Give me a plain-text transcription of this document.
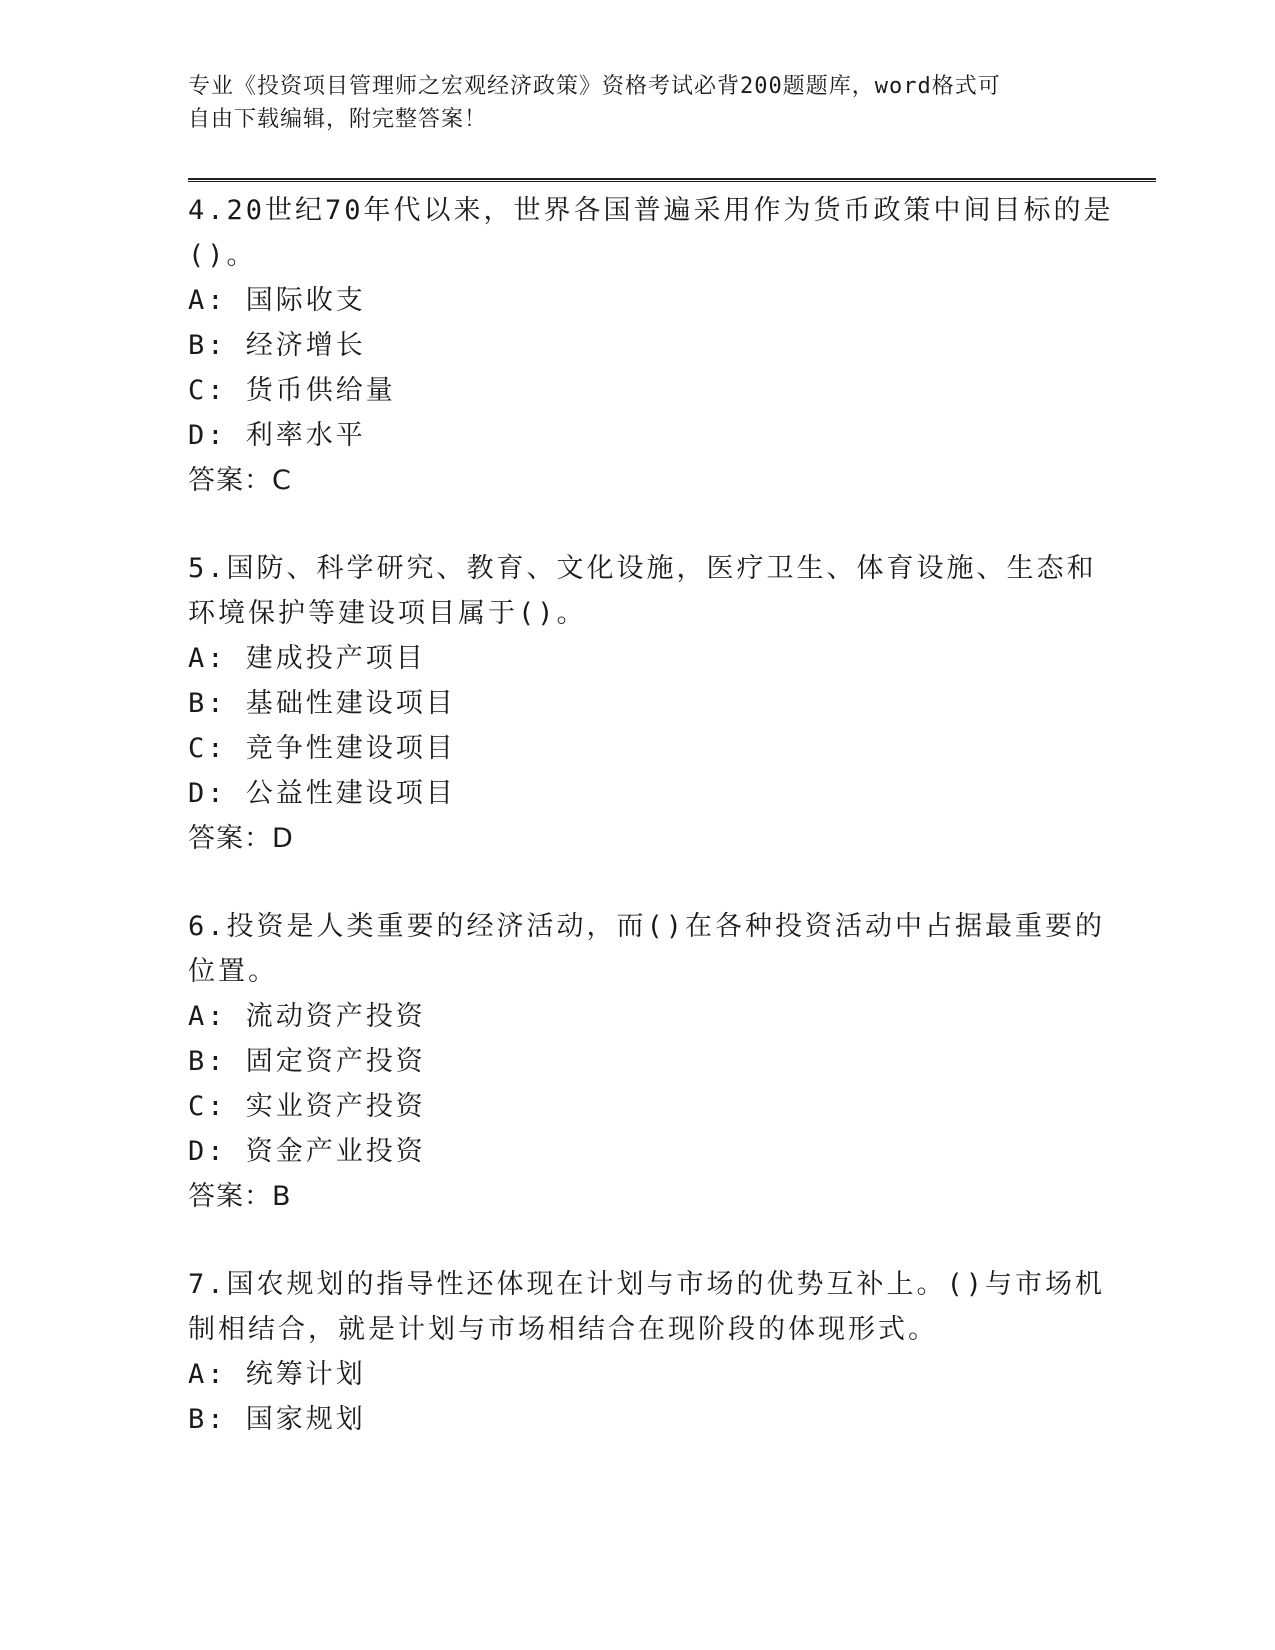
专业《投资项目管理师之宏观经济政策》资格考试必背200题题库，word格式可
自由下载编辑，附完整答案！

4.20世纪70年代以来，世界各国普遍采用作为货币政策中间目标的是

()。

A: 国际收支

B: 经济增长

C: 货币供给量

D: 利率水平

答案：C

5.国防、科学研究、教育、文化设施，医疗卫生、体育设施、生态和

环境保护等建设项目属于()。

A: 建成投产项目

B: 基础性建设项目

C: 竞争性建设项目

D: 公益性建设项目

答案：D

6.投资是人类重要的经济活动，而()在各种投资活动中占据最重要的

位置。

A: 流动资产投资

B: 固定资产投资

C: 实业资产投资

D: 资金产业投资

答案：B

7.国农规划的指导性还体现在计划与市场的优势互补上。()与市场机

制相结合，就是计划与市场相结合在现阶段的体现形式。

A: 统筹计划

B: 国家规划
